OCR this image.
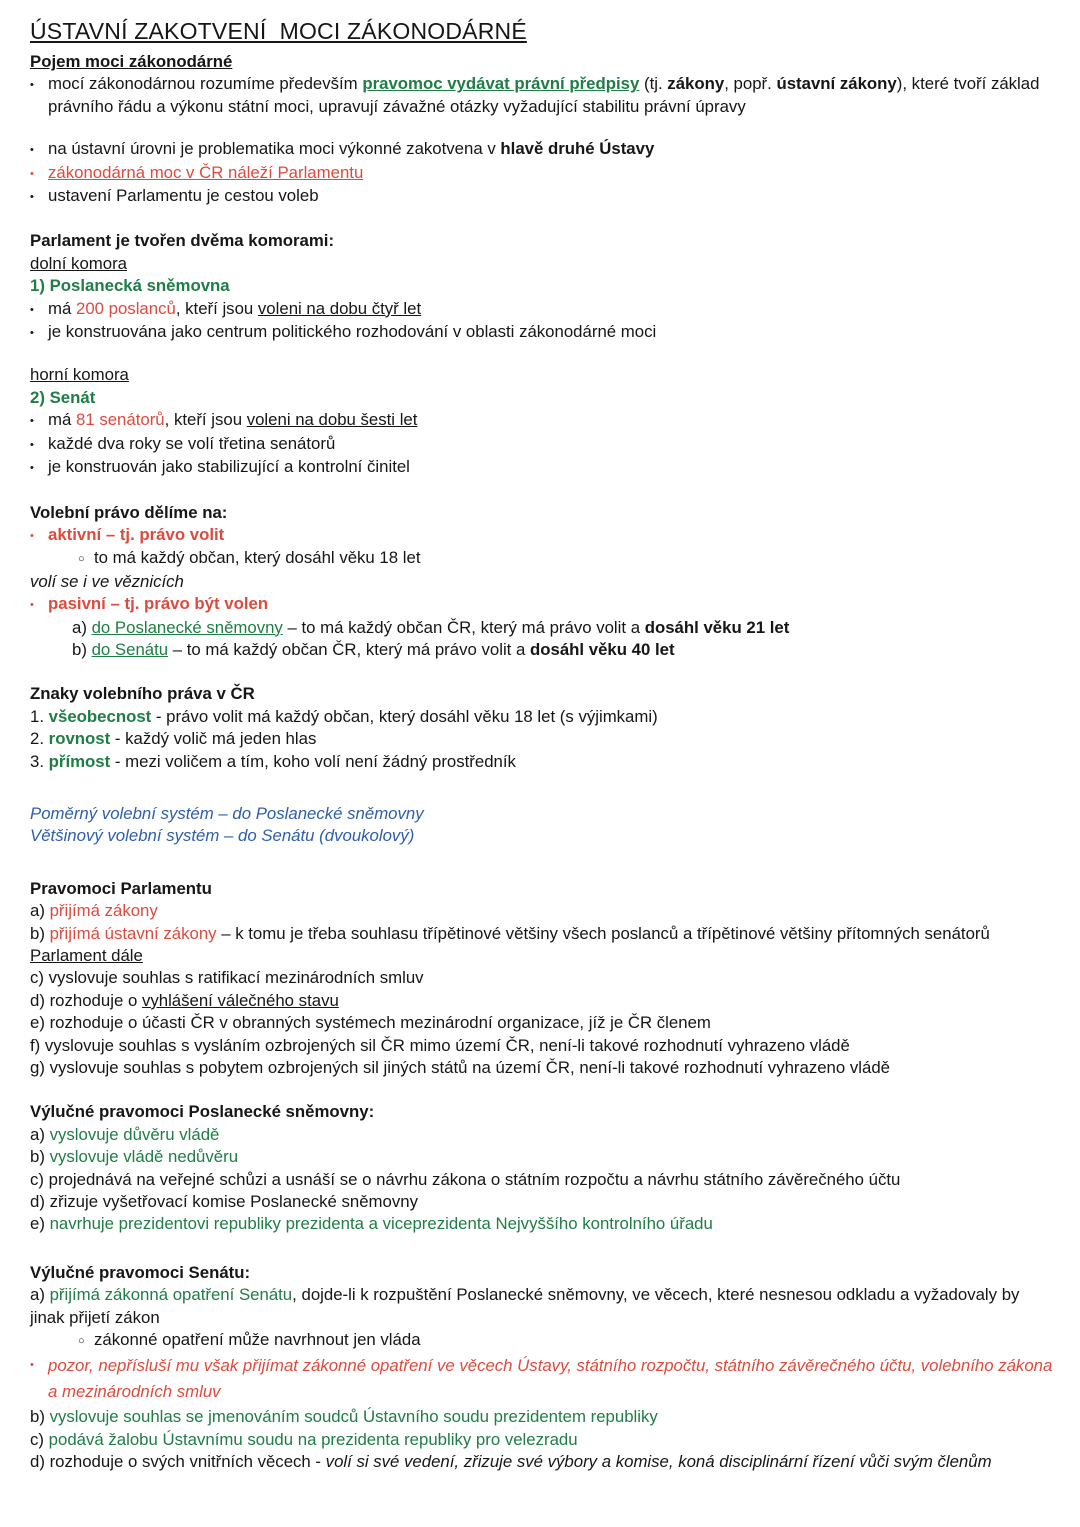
ÚSTAVNÍ ZAKOTVENÍ  MOCI ZÁKONODÁRNÉ
Pojem moci zákonodárné
• mocí zákonodárnou rozumíme především pravomoc vydávat právní předpisy (tj. zákony, popř. ústavní zákony), které tvoří základ právního řádu a výkonu státní moci, upravují závažné otázky vyžadující stabilitu právní úpravy
• na ústavní úrovni je problematika moci výkonné zakotvena v hlavě druhé Ústavy
• zákonodárná moc v ČR náleží Parlamentu
• ustavení Parlamentu je cestou voleb
Parlament je tvořen dvěma komorami:
dolní komora
1) Poslanecká sněmovna
• má 200 poslanců, kteří jsou voleni na dobu čtyř let
• je konstruována jako centrum politického rozhodování v oblasti zákonodárné moci
horní komora
2) Senát
• má 81 senátorů, kteří jsou voleni na dobu šesti let
• každé dva roky se volí třetina senátorů
• je konstruován jako stabilizující a kontrolní činitel
Volební právo dělíme na:
• aktivní – tj. právo volit
○ to má každý občan, který dosáhl věku 18 let
volí se i ve věznicích
• pasivní – tj. právo být volen
a) do Poslanecké sněmovny – to má každý občan ČR, který má právo volit a dosáhl věku 21 let
b) do Senátu – to má každý občan ČR, který má právo volit a dosáhl věku 40 let
Znaky volebního práva v ČR
1. všeobecnost - právo volit má každý občan, který dosáhl věku 18 let (s výjimkami)
2. rovnost - každý volič má jeden hlas
3. přímost - mezi voličem a tím, koho volí není žádný prostředník
Poměrný volební systém – do Poslanecké sněmovny
Většinový volební systém – do Senátu (dvoukolový)
Pravomoci Parlamentu
a) přijímá zákony
b) přijímá ústavní zákony – k tomu je třeba souhlasu třípětinové většiny všech poslanců a třípětinové většiny přítomných senátorů
Parlament dále
c) vyslovuje souhlas s ratifikací mezinárodních smluv
d) rozhoduje o vyhlášení válečného stavu
e) rozhoduje o účasti ČR v obranných systémech mezinárodní organizace, jíž je ČR členem
f) vyslovuje souhlas s vysláním ozbrojených sil ČR mimo území ČR, není-li takové rozhodnutí vyhrazeno vládě
g) vyslovuje souhlas s pobytem ozbrojených sil jiných států na území ČR, není-li takové rozhodnutí vyhrazeno vládě
Výlučné pravomoci Poslanecké sněmovny:
a) vyslovuje důvěru vládě
b) vyslovuje vládě nedůvěru
c) projednává na veřejné schůzi a usnáší se o návrhu zákona o státním rozpočtu a návrhu státního závěrečného účtu
d) zřizuje vyšetřovací komise Poslanecké sněmovny
e) navrhuje prezidentovi republiky prezidenta a viceprezidenta Nejvyššího kontrolního úřadu
Výlučné pravomoci Senátu:
a) přijímá zákonná opatření Senátu, dojde-li k rozpuštění Poslanecké sněmovny, ve věcech, které nesnesou odkladu a vyžadovaly by jinak přijetí zákon
○ zákonné opatření může navrhnout jen vláda
• pozor, nepřísluší mu však přijímat zákonné opatření ve věcech Ústavy, státního rozpočtu, státního závěrečného účtu, volebního zákona a mezinárodních smluv
b) vyslovuje souhlas se jmenováním soudců Ústavního soudu prezidentem republiky
c) podává žalobu Ústavnímu soudu na prezidenta republiky pro velezradu
d) rozhoduje o svých vnitřních věcech - volí si své vedení, zřizuje své výbory a komise, koná disciplinární řízení vůči svým členům
